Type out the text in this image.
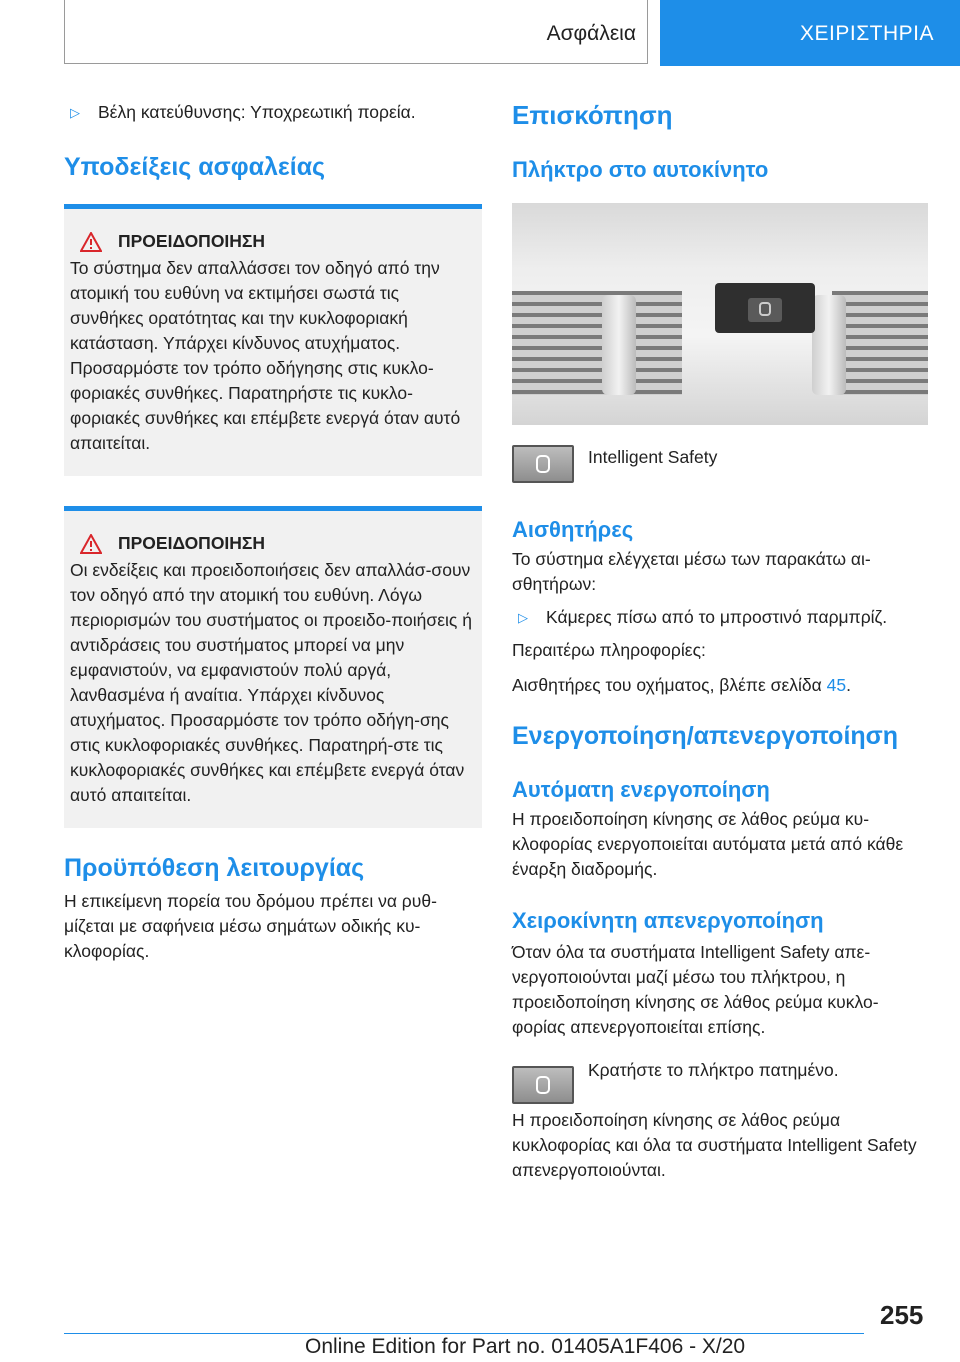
Ασφάλεια	ΧΕΙΡΙΣΤΗΡΙΑ
▷ Βέλη κατεύθυνσης: Υποχρεωτική πορεία.
Υποδείξεις ασφαλείας
ΠΡΟΕΙΔΟΠΟΙΗΣΗ
Το σύστημα δεν απαλλάσσει τον οδηγό από την ατομική του ευθύνη να εκτιμήσει σωστά τις συνθήκες ορατότητας και την κυκλοφοριακή κατάσταση. Υπάρχει κίνδυνος ατυχήματος. Προσαρμόστε τον τρόπο οδήγησης στις κυκλο-φοριακές συνθήκες. Παρατηρήστε τις κυκλο-φοριακές συνθήκες και επέμβετε ενεργά όταν αυτό απαιτείται.
ΠΡΟΕΙΔΟΠΟΙΗΣΗ
Οι ενδείξεις και προειδοποιήσεις δεν απαλλάσ-σουν τον οδηγό από την ατομική του ευθύνη. Λόγω περιορισμών του συστήματος οι προειδο-ποιήσεις ή αντιδράσεις του συστήματος μπορεί να μην εμφανιστούν, να εμφανιστούν πολύ αργά, λανθασμένα ή αναίτια. Υπάρχει κίνδυνος ατυχήματος. Προσαρμόστε τον τρόπο οδήγη-σης στις κυκλοφοριακές συνθήκες. Παρατηρή-στε τις κυκλοφοριακές συνθήκες και επέμβετε ενεργά όταν αυτό απαιτείται.
Προϋπόθεση λειτουργίας

Η επικείμενη πορεία του δρόμου πρέπει να ρυθ-μίζεται με σαφήνεια μέσω σημάτων οδικής κυ-κλοφορίας.

Επισκόπηση
Πλήκτρο στο αυτοκίνητο

Intelligent Safety

Αισθητήρες

Το σύστημα ελέγχεται μέσω των παρακάτω αι-σθητήρων:

▷ Κάμερες πίσω από το μπροστινό παρμπρίζ.

Περαιτέρω πληροφορίες:

Αισθητήρες του οχήματος, βλέπε σελίδα 45.

Ενεργοποίηση/απενεργοποίηση
Αυτόματη ενεργοποίηση

Η προειδοποίηση κίνησης σε λάθος ρεύμα κυ-κλοφορίας ενεργοποιείται αυτόματα μετά από κάθε έναρξη διαδρομής.

Χειροκίνητη απενεργοποίηση

Όταν όλα τα συστήματα Intelligent Safety απε-νεργοποιούνται μαζί μέσω του πλήκτρου, η προειδοποίηση κίνησης σε λάθος ρεύμα κυκλο-φορίας απενεργοποιείται επίσης.

Κρατήστε το πλήκτρο πατημένο.

Η προειδοποίηση κίνησης σε λάθος ρεύμα κυκλοφορίας και όλα τα συστήματα Intelligent Safety απενεργοποιούνται.

255
Online Edition for Part no. 01405A1F406 - X/20
